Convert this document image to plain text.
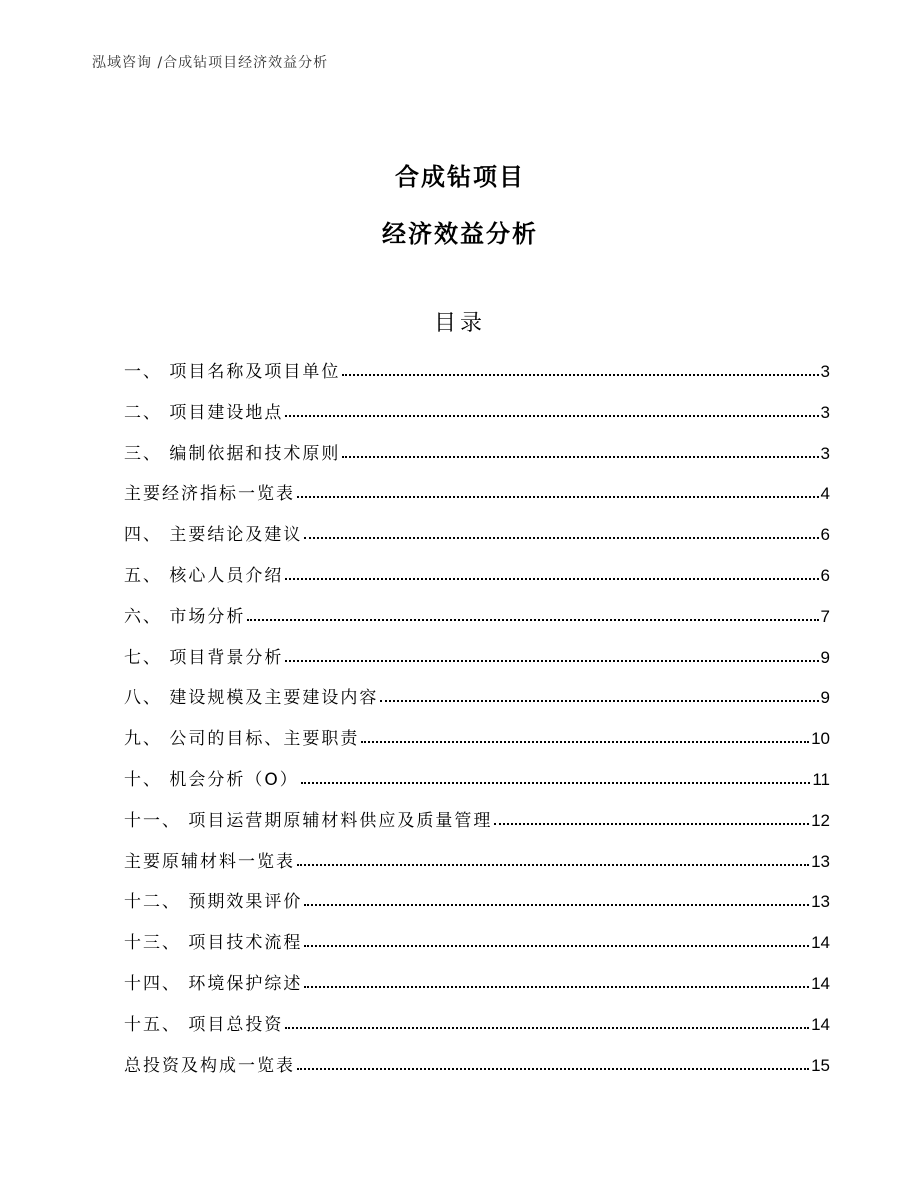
泓域咨询 /合成钻项目经济效益分析
合成钻项目
经济效益分析
目录
一、 项目名称及项目单位	3
二、 项目建设地点	3
三、 编制依据和技术原则	3
主要经济指标一览表	4
四、 主要结论及建议	6
五、 核心人员介绍	6
六、 市场分析	7
七、 项目背景分析	9
八、 建设规模及主要建设内容	9
九、 公司的目标、主要职责	10
十、 机会分析（O）	11
十一、 项目运营期原辅材料供应及质量管理	12
主要原辅材料一览表	13
十二、 预期效果评价	13
十三、 项目技术流程	14
十四、 环境保护综述	14
十五、 项目总投资	14
总投资及构成一览表	15
